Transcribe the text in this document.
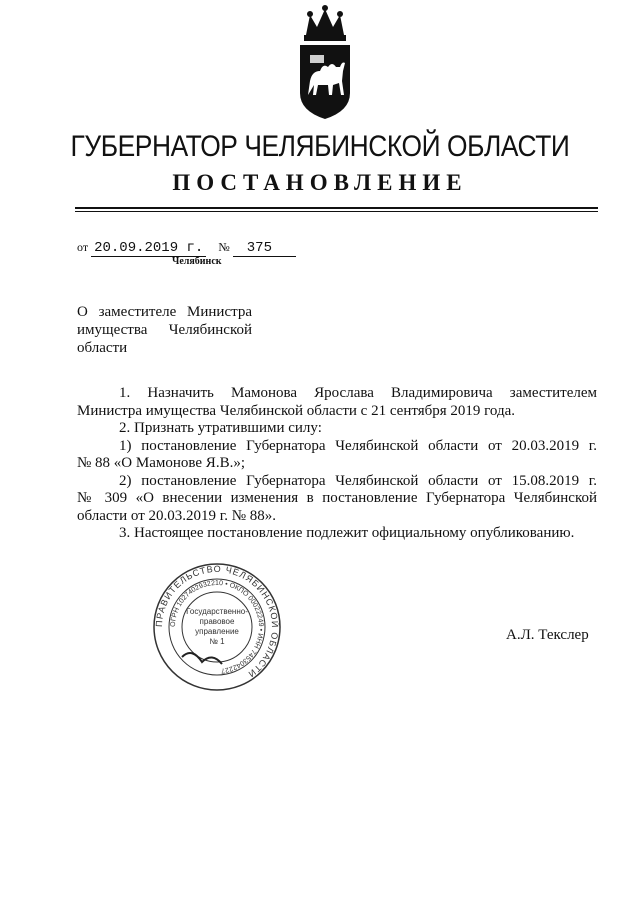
ГУБЕРНАТОР ЧЕЛЯБИНСКОЙ ОБЛАСТИ
ПОСТАНОВЛЕНИЕ
от 20.09.2019 г. № 375
Челябинск
О заместителе Министра
имущества Челябинской
области

1. Назначить Мамонова Ярослава Владимировича заместителем

Министра имущества Челябинской области с 21 сентября 2019 года.

2. Признать утратившими силу:

1) постановление Губернатора Челябинской области от 20.03.2019 г.

№ 88 «О Мамонове Я.В.»;

2) постановление Губернатора Челябинской области от 15.08.2019 г.

№ 309 «О внесении изменения в постановление Губернатора Челябинской

области от 20.03.2019 г. № 88».

3. Настоящее постановление подлежит официальному опубликованию.

ПРАВИТЕЛЬСТВО ЧЕЛЯБИНСКОЙ ОБЛАСТИ
ОГРН 1027402932210 • ОКПО 00022249 • ИНН 7453042227
Государственно-
правовое
управление
№ 1	А.Л. Текслер
